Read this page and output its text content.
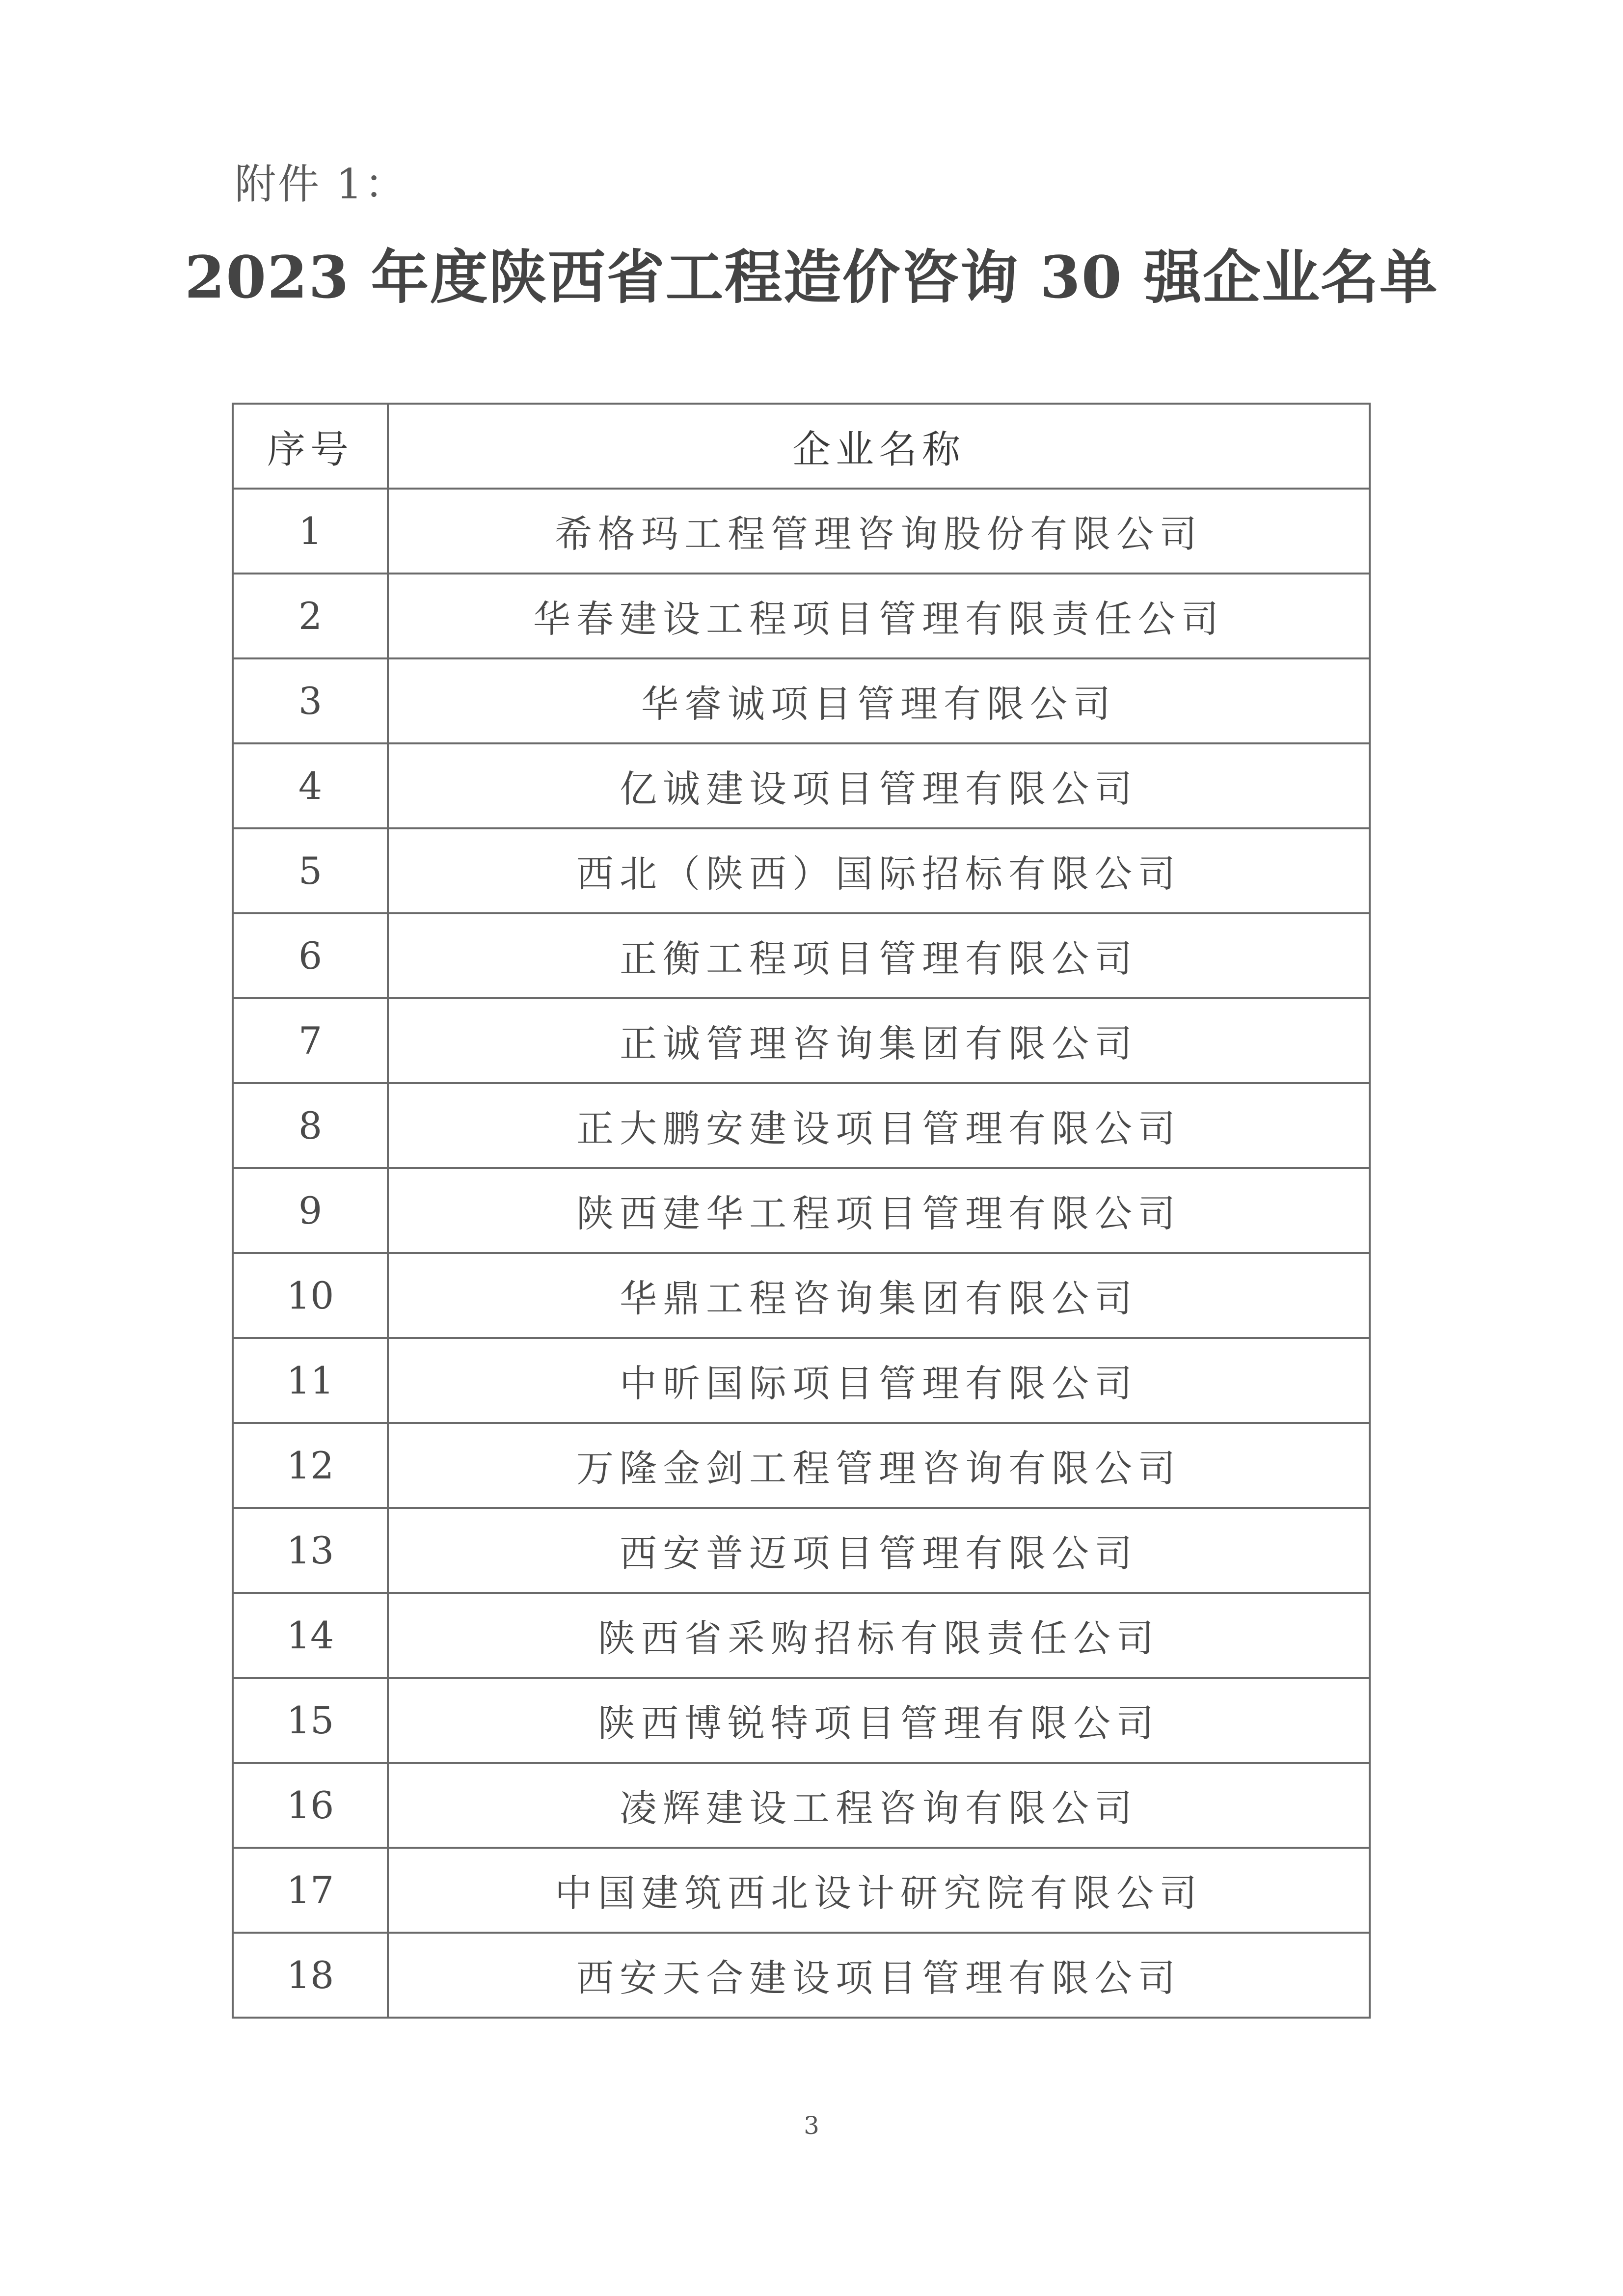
附件 1：
2023 年度陕西省工程造价咨询 30 强企业名单
序号	企业名称
1	希格玛工程管理咨询股份有限公司
2	华春建设工程项目管理有限责任公司
3	华睿诚项目管理有限公司
4	亿诚建设项目管理有限公司
5	西北（陕西）国际招标有限公司
6	正衡工程项目管理有限公司
7	正诚管理咨询集团有限公司
8	正大鹏安建设项目管理有限公司
9	陕西建华工程项目管理有限公司
10	华鼎工程咨询集团有限公司
11	中昕国际项目管理有限公司
12	万隆金剑工程管理咨询有限公司
13	西安普迈项目管理有限公司
14	陕西省采购招标有限责任公司
15	陕西博锐特项目管理有限公司
16	凌辉建设工程咨询有限公司
17	中国建筑西北设计研究院有限公司
18	西安天合建设项目管理有限公司
3
